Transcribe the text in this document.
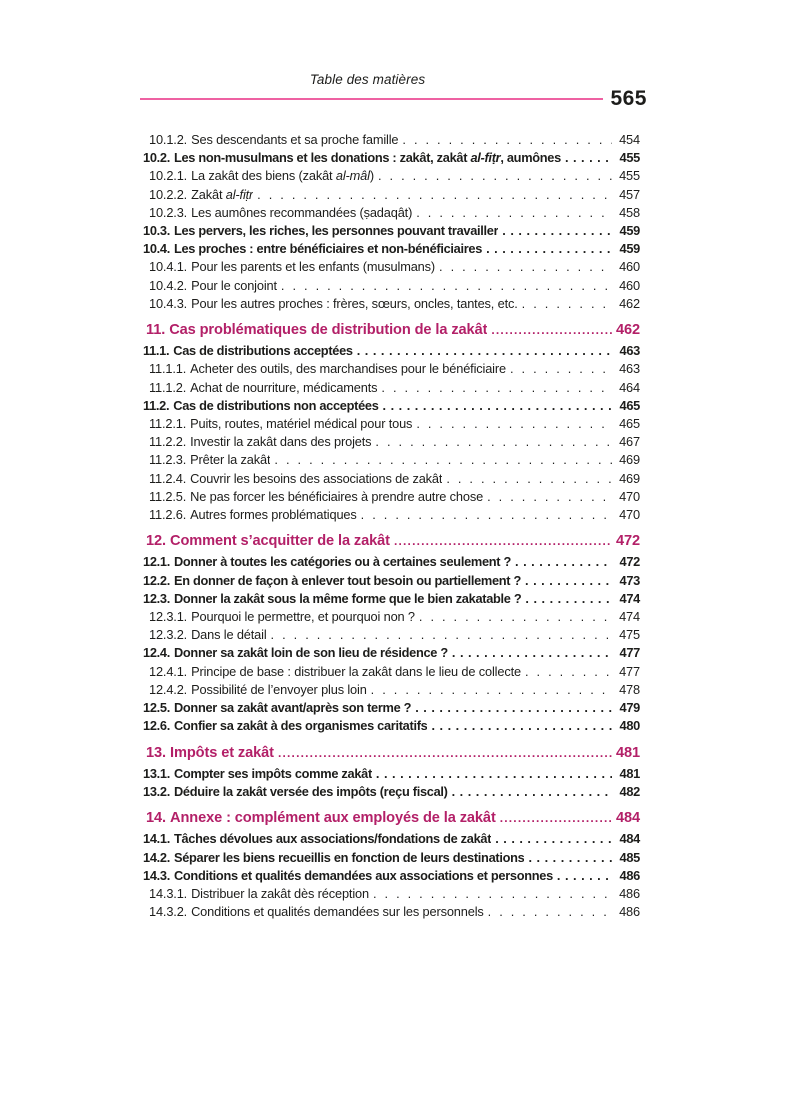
Table des matières
565
10.1.2. Ses descendants et sa proche famille .....	454
10.2. Les non-musulmans et les donations : zakât, zakât al-fiṭr, aumônes .....	455
10.2.1. La zakât des biens (zakât al-mâl) .....	455
10.2.2. Zakât al-fiṭr .....	457
10.2.3. Les aumônes recommandées (ṣadaqât) .....	458
10.3. Les pervers, les riches, les personnes pouvant travailler .....	459
10.4. Les proches : entre bénéficiaires et non-bénéficiaires .....	459
10.4.1. Pour les parents et les enfants (musulmans) .....	460
10.4.2. Pour le conjoint .....	460
10.4.3. Pour les autres proches : frères, sœurs, oncles, tantes, etc. .....	462
11. Cas problématiques de distribution de la zakât .....	462
11.1. Cas de distributions acceptées .....	463
11.1.1. Acheter des outils, des marchandises pour le bénéficiaire .....	463
11.1.2. Achat de nourriture, médicaments .....	464
11.2. Cas de distributions non acceptées .....	465
11.2.1. Puits, routes, matériel médical pour tous .....	465
11.2.2. Investir la zakât dans des projets .....	467
11.2.3. Prêter la zakât .....	469
11.2.4. Couvrir les besoins des associations de zakât .....	469
11.2.5. Ne pas forcer les bénéficiaires à prendre autre chose .....	470
11.2.6. Autres formes problématiques .....	470
12. Comment s’acquitter de la zakât .....	472
12.1. Donner à toutes les catégories ou à certaines seulement ? .....	472
12.2. En donner de façon à enlever tout besoin ou partiellement ? .....	473
12.3. Donner la zakât sous la même forme que le bien zakatable ? .....	474
12.3.1. Pourquoi le permettre, et pourquoi non ? .....	474
12.3.2. Dans le détail .....	475
12.4. Donner sa zakât loin de son lieu de résidence ? .....	477
12.4.1. Principe de base : distribuer la zakât dans le lieu de collecte .....	477
12.4.2. Possibilité de l’envoyer plus loin .....	478
12.5. Donner sa zakât avant/après son terme ? .....	479
12.6. Confier sa zakât à des organismes caritatifs .....	480
13. Impôts et zakât .....	481
13.1. Compter ses impôts comme zakât .....	481
13.2. Déduire la zakât versée des impôts (reçu fiscal) .....	482
14. Annexe : complément aux employés de la zakât .....	484
14.1. Tâches dévolues aux associations/fondations de zakât .....	484
14.2. Séparer les biens recueillis en fonction de leurs destinations .....	485
14.3. Conditions et qualités demandées aux associations et personnes .....	486
14.3.1. Distribuer la zakât dès réception .....	486
14.3.2. Conditions et qualités demandées sur les personnels .....	486
